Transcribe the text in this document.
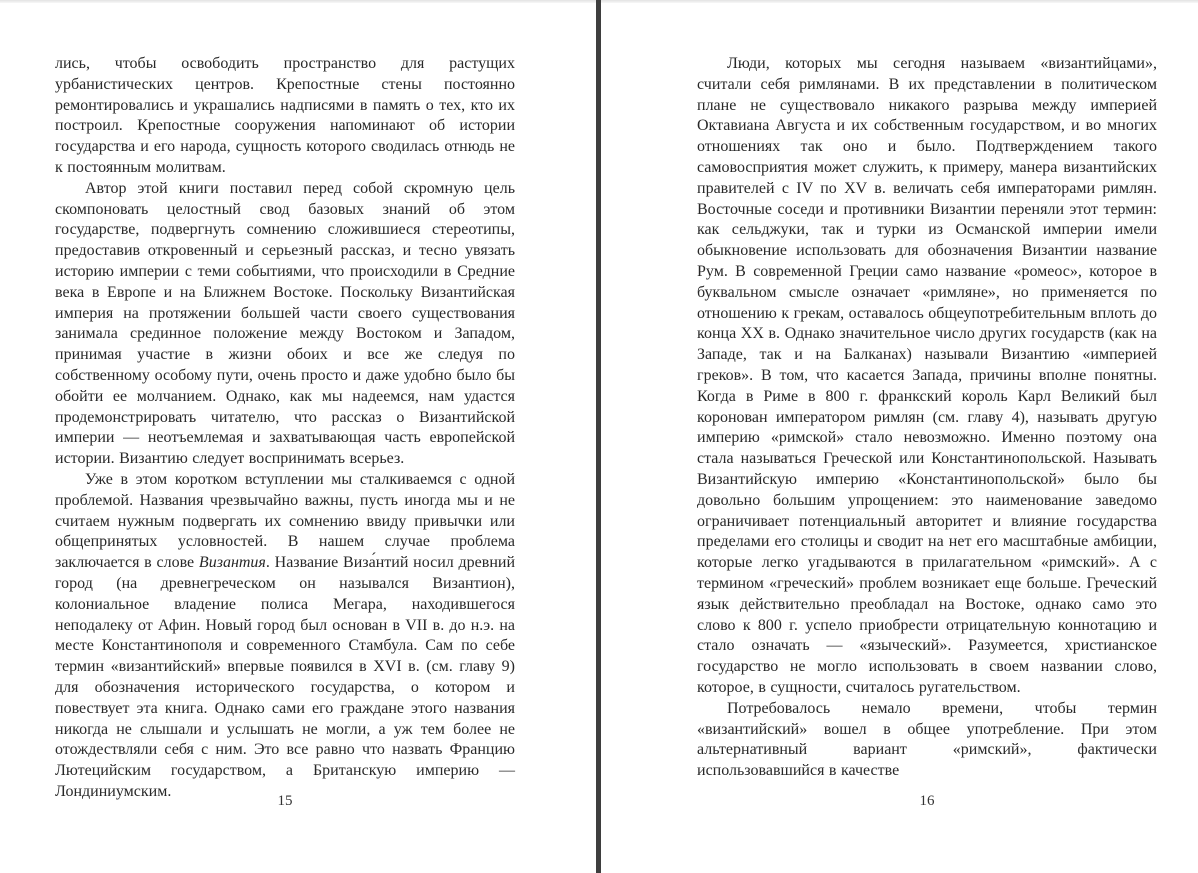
лись, чтобы освободить пространство для растущих урбанистических центров. Крепостные стены постоянно ремонтировались и украшались надписями в память о тех, кто их построил. Крепостные сооружения напоминают об истории государства и его народа, сущность которого сводилась отнюдь не к постоянным молитвам.

Автор этой книги поставил перед собой скромную цель скомпоновать целостный свод базовых знаний об этом государстве, подвергнуть сомнению сложившиеся стереотипы, предоставив откровенный и серьезный рассказ, и тесно увязать историю империи с теми событиями, что происходили в Средние века в Европе и на Ближнем Востоке. Поскольку Византийская империя на протяжении большей части своего существования занимала срединное положение между Востоком и Западом, принимая участие в жизни обоих и все же следуя по собственному особому пути, очень просто и даже удобно было бы обойти ее молчанием. Однако, как мы надеемся, нам удастся продемонстрировать читателю, что рассказ о Византийской империи — неотъемлемая и захватывающая часть европейской истории. Византию следует воспринимать всерьез.

Уже в этом коротком вступлении мы сталкиваемся с одной проблемой. Названия чрезвычайно важны, пусть иногда мы и не считаем нужным подвергать их сомнению ввиду привычки или общепринятых условностей. В нашем случае проблема заключается в слове Византия. Название Виза́нтий носил древний город (на древнегреческом он назывался Византион), колониальное владение полиса Мегара, находившегося неподалеку от Афин. Новый город был основан в VII в. до н.э. на месте Константинополя и современного Стамбула. Сам по себе термин «византийский» впервые появился в XVI в. (см. главу 9) для обозначения исторического государства, о котором и повествует эта книга. Однако сами его граждане этого названия никогда не слышали и услышать не могли, а уж тем более не отождествляли себя с ним. Это все равно что назвать Францию Лютецийским государством, а Британскую империю — Лондиниумским.

15

Люди, которых мы сегодня называем «византийцами», считали себя римлянами. В их представлении в политическом плане не существовало никакого разрыва между империей Октавиана Августа и их собственным государством, и во многих отношениях так оно и было. Подтверждением такого самовосприятия может служить, к примеру, манера византийских правителей с IV по XV в. величать себя императорами римлян. Восточные соседи и противники Византии переняли этот термин: как сельджуки, так и турки из Османской империи имели обыкновение использовать для обозначения Византии название Рум. В современной Греции само название «ромеос», которое в буквальном смысле означает «римляне», но применяется по отношению к грекам, оставалось общеупотребительным вплоть до конца XX в. Однако значительное число других государств (как на Западе, так и на Балканах) называли Византию «империей греков». В том, что касается Запада, причины вполне понятны. Когда в Риме в 800 г. франкский король Карл Великий был коронован императором римлян (см. главу 4), называть другую империю «римской» стало невозможно. Именно поэтому она стала называться Греческой или Константинопольской. Называть Византийскую империю «Константинопольской» было бы довольно большим упрощением: это наименование заведомо ограничивает потенциальный авторитет и влияние государства пределами его столицы и сводит на нет его масштабные амбиции, которые легко угадываются в прилагательном «римский». А с термином «греческий» проблем возникает еще больше. Греческий язык действительно преобладал на Востоке, однако само это слово к 800 г. успело приобрести отрицательную коннотацию и стало означать — «языческий». Разумеется, христианское государство не могло использовать в своем названии слово, которое, в сущности, считалось ругательством.

Потребовалось немало времени, чтобы термин «византийский» вошел в общее употребление. При этом альтернативный вариант «римский», фактически использовавшийся в качестве

16
